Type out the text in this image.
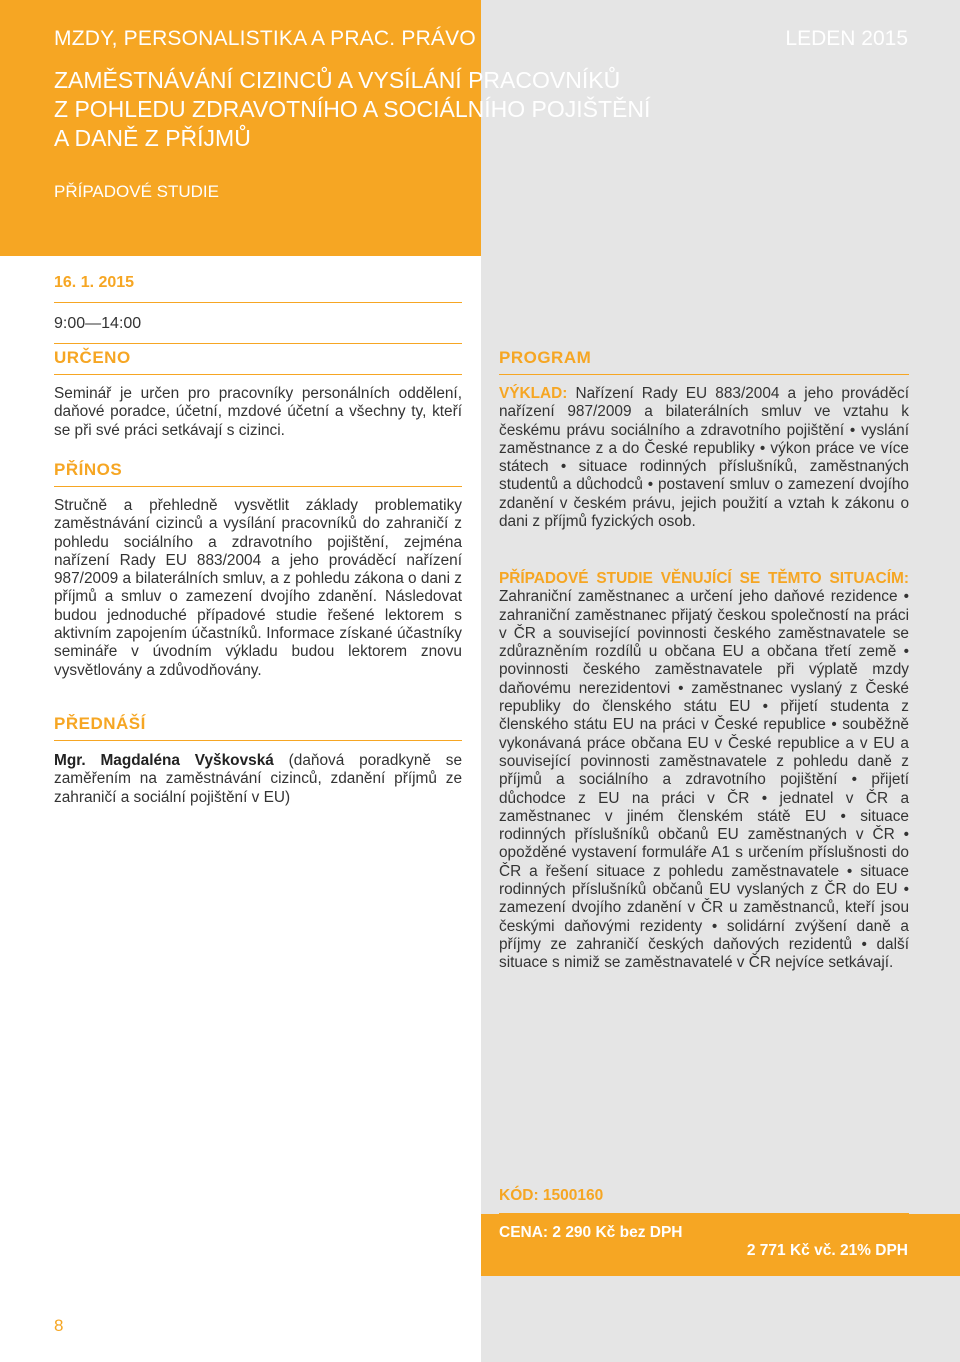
MZDY, PERSONALISTIKA A PRAC. PRÁVO	LEDEN 2015
ZAMĚSTNÁVÁNÍ CIZINCŮ A VYSÍLÁNÍ PRACOVNÍKŮ
Z POHLEDU ZDRAVOTNÍHO A SOCIÁLNÍHO POJIŠTĚNÍ
A DANĚ Z PŘÍJMŮ
PŘÍPADOVÉ STUDIE
16. 1. 2015
9:00—14:00
URČENO
Seminář je určen pro pracovníky personálních oddělení, daňové poradce, účetní, mzdové účetní a všechny ty, kteří se při své práci setkávají s cizinci.
PŘÍNOS
Stručně a přehledně vysvětlit základy problematiky zaměstnávání cizinců a vysílání pracovníků do zahraničí z pohledu sociálního a zdravotního pojištění, zejména nařízení Rady EU 883/2004 a jeho prováděcí nařízení 987/2009 a bilaterálních smluv, a z pohledu zákona o dani z příjmů a smluv o zamezení dvojího zdanění. Následovat budou jednoduché případové studie řešené lektorem s aktivním zapojením účastníků. Informace získané účastníky semináře v úvodním výkladu budou lektorem znovu vysvětlovány a zdůvodňovány.
PŘEDNÁŠÍ
Mgr. Magdaléna Vyškovská (daňová poradkyně se zaměřením na zaměstnávání cizinců, zdanění příjmů ze zahraničí a sociální pojištění v EU)
PROGRAM
VÝKLAD: Nařízení Rady EU 883/2004 a jeho prováděcí nařízení 987/2009 a bilaterálních smluv ve vztahu k českému právu sociálního a zdravotního pojištění • vyslání zaměstnance z a do České republiky • výkon práce ve více státech • situace rodinných příslušníků, zaměstnaných studentů a důchodců • postavení smluv o zamezení dvojího zdanění v českém právu, jejich použití a vztah k zákonu o dani z příjmů fyzických osob.
PŘÍPADOVÉ STUDIE VĚNUJÍCÍ SE TĚMTO SITUACÍM: Zahraniční zaměstnanec a určení jeho daňové rezidence • zahraniční zaměstnanec přijatý českou společností na práci v ČR a související povinnosti českého zaměstnavatele se zdůrazněním rozdílů u občana EU a občana třetí země • povinnosti českého zaměstnavatele při výplatě mzdy daňovému nerezidentovi • zaměstnanec vyslaný z České republiky do členského státu EU • přijetí studenta z členského státu EU na práci v České republice • souběžně vykonávaná práce občana EU v České republice a v EU a související povinnosti zaměstnavatele z pohledu daně z příjmů a sociálního a zdravotního pojištění • přijetí důchodce z EU na práci v ČR • jednatel v ČR a zaměstnanec v jiném členském státě EU • situace rodinných příslušníků občanů EU zaměstnaných v ČR • opožděné vystavení formuláře A1 s určením příslušnosti do ČR a řešení situace z pohledu zaměstnavatele • situace rodinných příslušníků občanů EU vyslaných z ČR do EU • zamezení dvojího zdanění v ČR u zaměstnanců, kteří jsou českými daňovými rezidenty • solidární zvýšení daně a příjmy ze zahraničí českých daňových rezidentů • další situace s nimiž se zaměstnavatelé v ČR nejvíce setkávají.
KÓD: 1500160
CENA: 2 290 Kč bez DPH
2 771 Kč vč. 21% DPH
8
